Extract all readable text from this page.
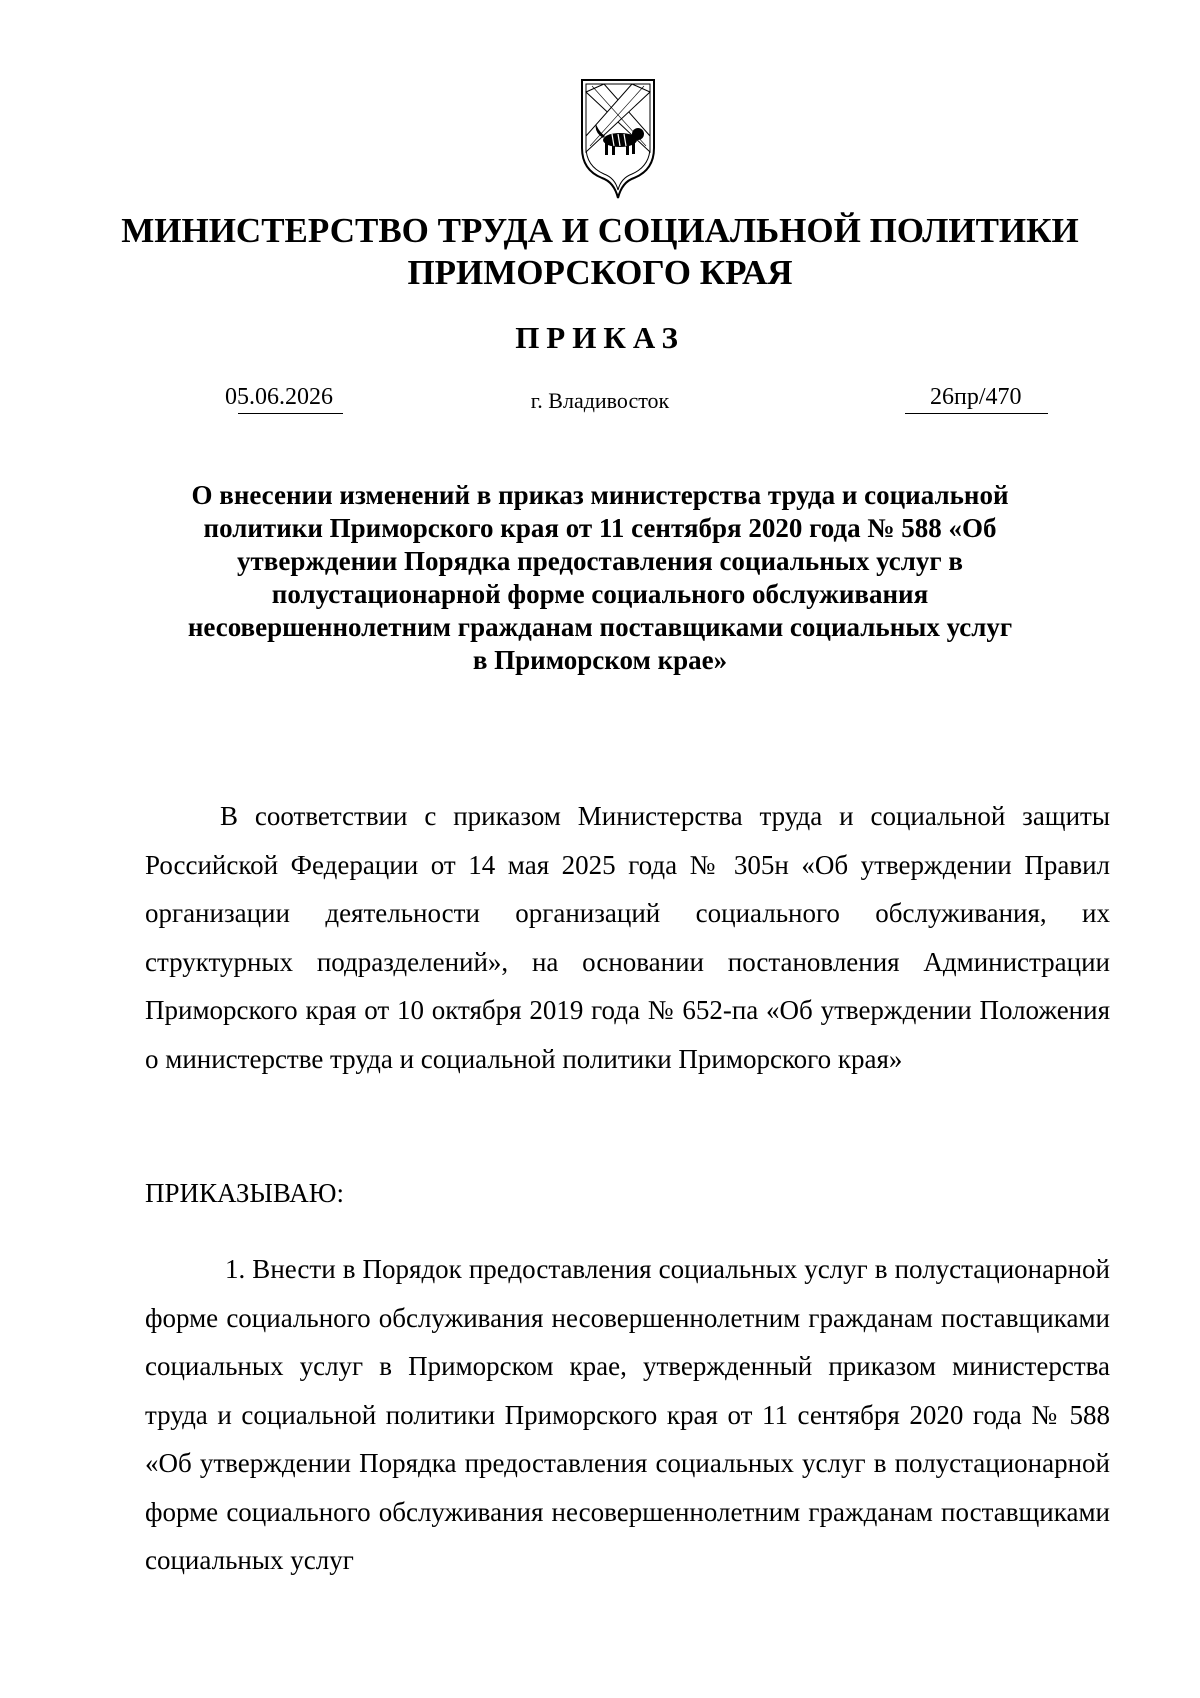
МИНИСТЕРСТВО ТРУДА И СОЦИАЛЬНОЙ ПОЛИТИКИ ПРИМОРСКОГО КРАЯ
ПРИКАЗ
05.06.2026	г. Владивосток	26пр/470
О внесении изменений в приказ министерства труда и социальной политики Приморского края от 11 сентября 2020 года № 588 «Об утверждении Порядка предоставления социальных услуг в полустационарной форме социального обслуживания несовершеннолетним гражданам поставщиками социальных услуг в Приморском крае»
В соответствии с приказом Министерства труда и социальной защиты Российской Федерации от 14 мая 2025 года № 305н «Об утверждении Правил организации деятельности организаций социального обслуживания, их структурных подразделений», на основании постановления Администрации Приморского края от 10 октября 2019 года № 652-па «Об утверждении Положения о министерстве труда и социальной политики Приморского края»
ПРИКАЗЫВАЮ:
1. Внести в Порядок предоставления социальных услуг в полустационарной форме социального обслуживания несовершеннолетним гражданам поставщиками социальных услуг в Приморском крае, утвержденный приказом министерства труда и социальной политики Приморского края от 11 сентября 2020 года № 588 «Об утверждении Порядка предоставления социальных услуг в полустационарной форме социального обслуживания несовершеннолетним гражданам поставщиками социальных услуг
